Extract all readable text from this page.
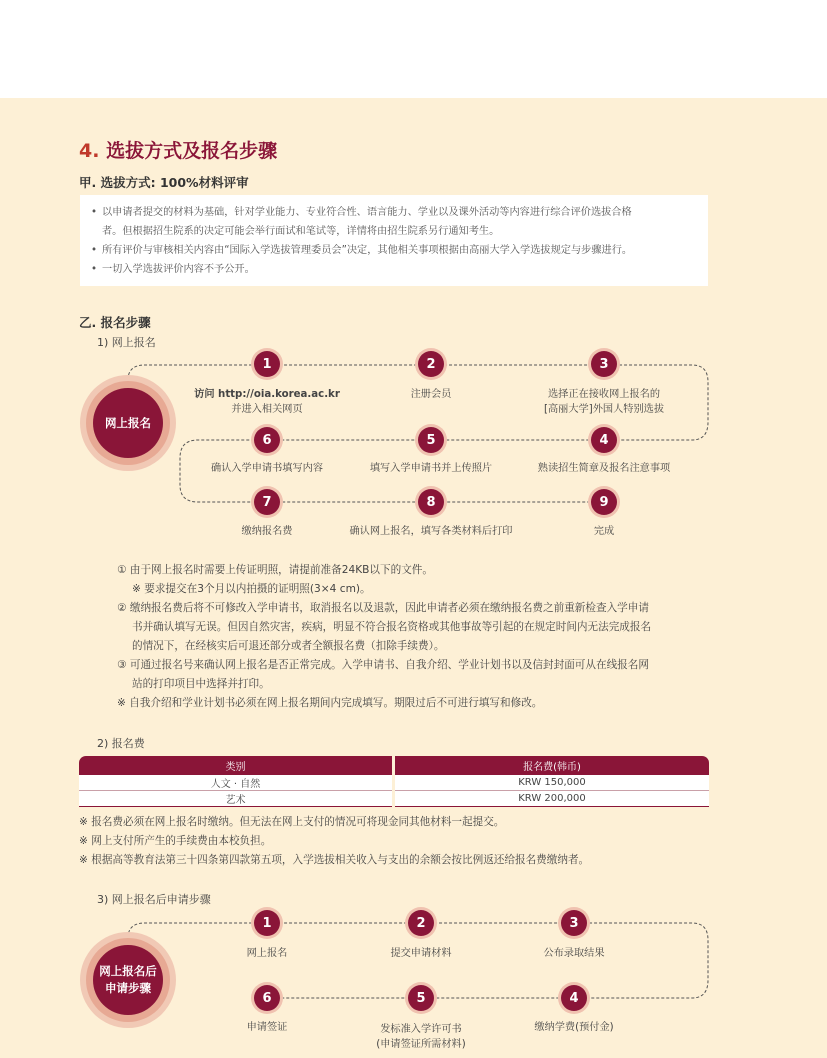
4. 选拔方式及报名步骤
甲. 选拔方式: 100%材料评审
• 以申请者提交的材料为基础，针对学业能力、专业符合性、语言能力、学业以及课外活动等内容进行综合评价选拔合格
者。但根据招生院系的决定可能会举行面试和笔试等，详情将由招生院系另行通知考生。
• 所有评价与审核相关内容由“国际入学选拔管理委员会”决定，其他相关事项根据由高丽大学入学选拔规定与步骤进行。
• 一切入学选拔评价内容不予公开。
乙. 报名步骤
1) 网上报名
网上报名
1	2	3
4
5
6
7	8	9
访问 http://oia.korea.ac.kr
并进入相关网页
注册会员	选择正在接收网上报名的
[高丽大学]外国人特别选拔
熟读招生简章及报名注意事项
填写入学申请书并上传照片
确认入学申请书填写内容
缴纳报名费	确认网上报名，填写各类材料后打印	完成
① 由于网上报名时需要上传证明照，请提前准备24KB以下的文件。
※ 要求提交在3个月以内拍摄的证明照(3×4 cm)。
② 缴纳报名费后将不可修改入学申请书，取消报名以及退款，因此申请者必须在缴纳报名费之前重新检查入学申请
书并确认填写无误。但因自然灾害，疾病，明显不符合报名资格或其他事故等引起的在规定时间内无法完成报名
的情况下，在经核实后可退还部分或者全额报名费（扣除手续费）。
③ 可通过报名号来确认网上报名是否正常完成。入学申请书、自我介绍、学业计划书以及信封封面可从在线报名网
站的打印项目中选择并打印。
※ 自我介绍和学业计划书必须在网上报名期间内完成填写。期限过后不可进行填写和修改。
2) 报名费
类别	报名费(韩币)
人文 · 自然	KRW 150,000
艺术	KRW 200,000
※ 报名费必须在网上报名时缴纳。但无法在网上支付的情况可将现金同其他材料一起提交。
※ 网上支付所产生的手续费由本校负担。
※ 根据高等教育法第三十四条第四款第五项，入学选拔相关收入与支出的余额会按比例返还给报名费缴纳者。
3) 网上报名后申请步骤
网上报名后
申请步骤
1	2	3
4
5
6
网上报名	提交申请材料	公布录取结果
缴纳学费(预付金)
发标准入学许可书
(申请签证所需材料)
申请签证
